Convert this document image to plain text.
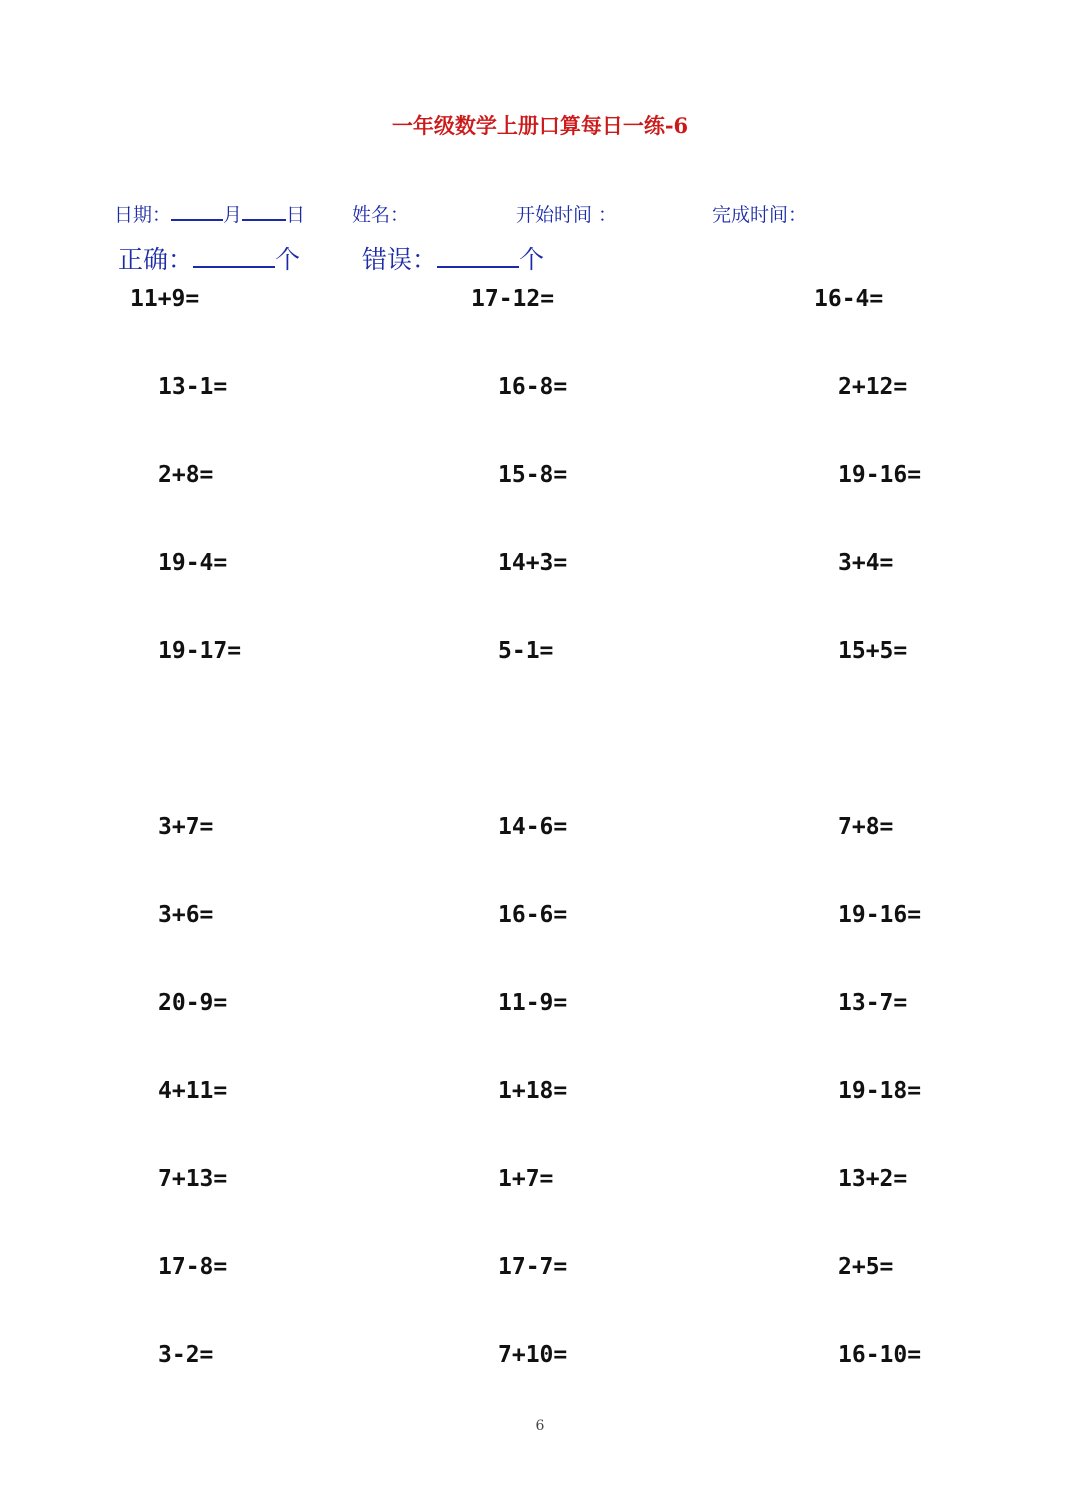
一年级数学上册口算每日一练-6
日期：	月 日 姓名：	开始时间 ：	完成时间：
正确：	个 错误：	个
11+9=	17-12=	16-4=
13-1=	16-8=	2+12=
2+8=	15-8=	19-16=
19-4=	14+3=	3+4=
19-17=	5-1=	15+5=
3+7=	14-6=	7+8=
3+6=	16-6=	19-16=
20-9=	11-9=	13-7=
4+11=	1+18=	19-18=
7+13=	1+7=	13+2=
17-8=	17-7=	2+5=
3-2=	7+10=	16-10=
6
